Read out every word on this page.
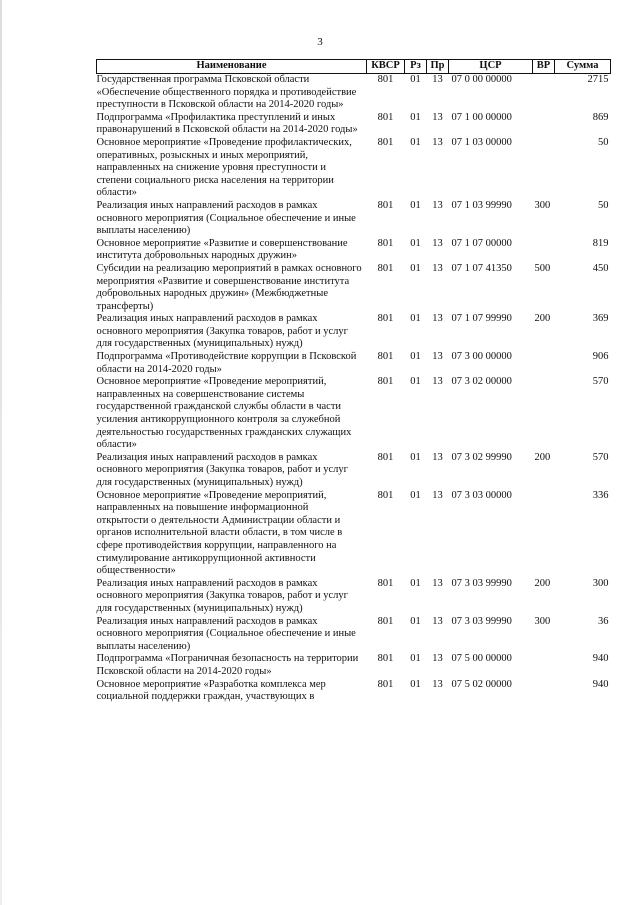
3
Наименование	КВСР	Рз	Пр	ЦСР	ВР	Сумма
Государственная программа Псковской области «Обеспечение общественного порядка и противодействие преступности в Псковской области на 2014-2020 годы»	801	01	13	07 0 00 00000		2715
Подпрограмма «Профилактика преступлений и иных правонарушений в Псковской области на 2014-2020 годы»	801	01	13	07 1 00 00000		869
Основное мероприятие «Проведение профилактических, оперативных, розыскных и иных мероприятий, направленных на снижение уровня преступности и степени социального риска населения на территории области»	801	01	13	07 1 03 00000		50
Реализация иных направлений расходов в рамках основного мероприятия (Социальное обеспечение и иные выплаты населению)	801	01	13	07 1 03 99990	300	50
Основное мероприятие «Развитие и совершенствование института добровольных народных дружин»	801	01	13	07 1 07 00000		819
Субсидии на реализацию мероприятий в рамках основного мероприятия «Развитие и совершенствование института добровольных народных дружин» (Межбюджетные трансферты)	801	01	13	07 1 07 41350	500	450
Реализация иных направлений расходов в рамках основного мероприятия (Закупка товаров, работ и услуг для государственных (муниципальных) нужд)	801	01	13	07 1 07 99990	200	369
Подпрограмма «Противодействие коррупции в Псковской области на 2014-2020 годы»	801	01	13	07 3 00 00000		906
Основное мероприятие «Проведение мероприятий, направленных на совершенствование системы государственной гражданской службы области в части усиления антикоррупционного контроля за служебной деятельностью государственных гражданских служащих области»	801	01	13	07 3 02 00000		570
Реализация иных направлений расходов в рамках основного мероприятия (Закупка товаров, работ и услуг для государственных (муниципальных) нужд)	801	01	13	07 3 02 99990	200	570
Основное мероприятие «Проведение мероприятий, направленных на повышение информационной открытости о деятельности Администрации области и органов исполнительной власти области, в том числе в сфере противодействия коррупции, направленного на стимулирование антикоррупционной активности общественности»	801	01	13	07 3 03 00000		336
Реализация иных направлений расходов в рамках основного мероприятия (Закупка товаров, работ и услуг для государственных (муниципальных) нужд)	801	01	13	07 3 03 99990	200	300
Реализация иных направлений расходов в рамках основного мероприятия (Социальное обеспечение и иные выплаты населению)	801	01	13	07 3 03 99990	300	36
Подпрограмма «Пограничная безопасность на территории Псковской области на 2014-2020 годы»	801	01	13	07 5 00 00000		940
Основное мероприятие «Разработка комплекса мер социальной поддержки граждан, участвующих в	801	01	13	07 5 02 00000		940
